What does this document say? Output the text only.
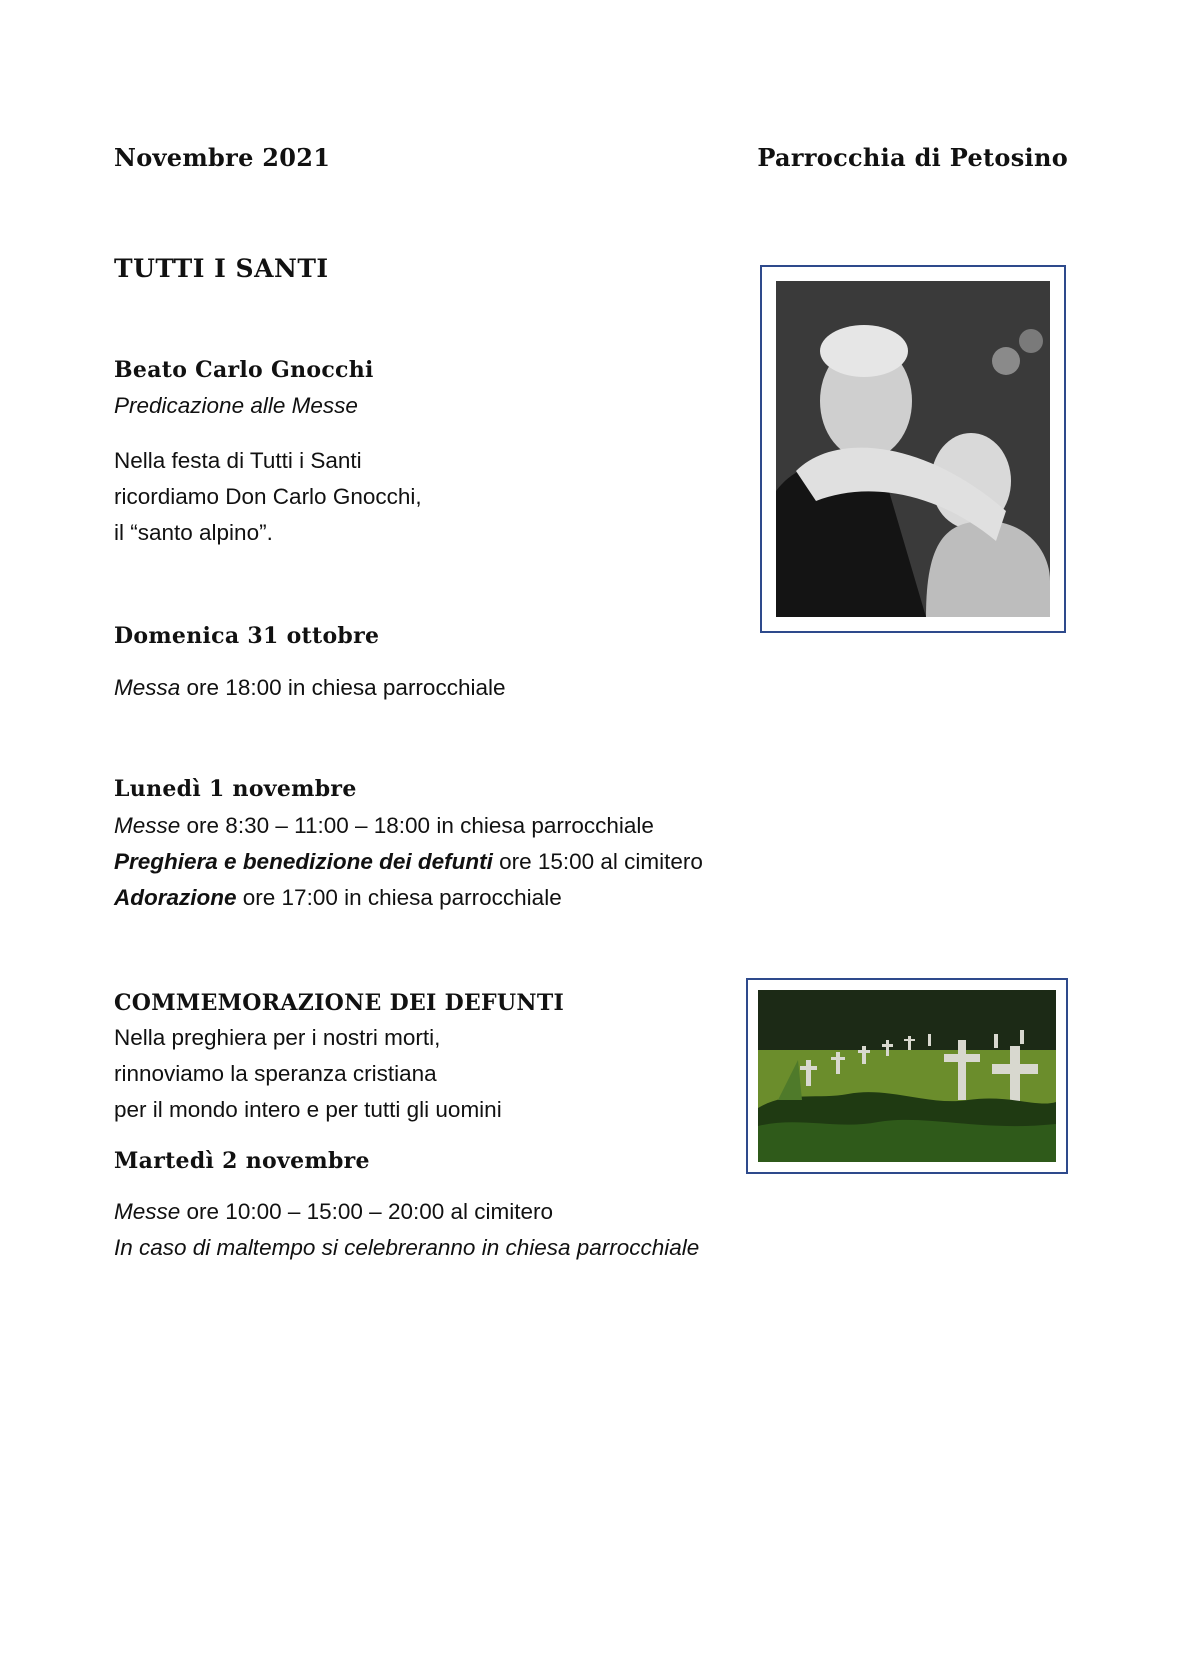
Novembre 2021	Parrocchia di Petosino
TUTTI I SANTI
Beato Carlo Gnocchi
Predicazione alle Messe
Nella festa di Tutti i Santi
ricordiamo Don Carlo Gnocchi,
il “santo alpino”.
Domenica 31 ottobre
Messa ore 18:00 in chiesa parrocchiale
Lunedì 1 novembre
Messe ore 8:30 – 11:00 – 18:00 in chiesa parrocchiale
Preghiera e benedizione dei defunti ore 15:00 al cimitero
Adorazione ore 17:00 in chiesa parrocchiale
COMMEMORAZIONE DEI DEFUNTI
Nella preghiera per i nostri morti,
rinnoviamo la speranza cristiana
per il mondo intero e per tutti gli uomini
Martedì 2 novembre
Messe ore 10:00 – 15:00 – 20:00 al cimitero
In caso di maltempo si celebreranno in chiesa parrocchiale
